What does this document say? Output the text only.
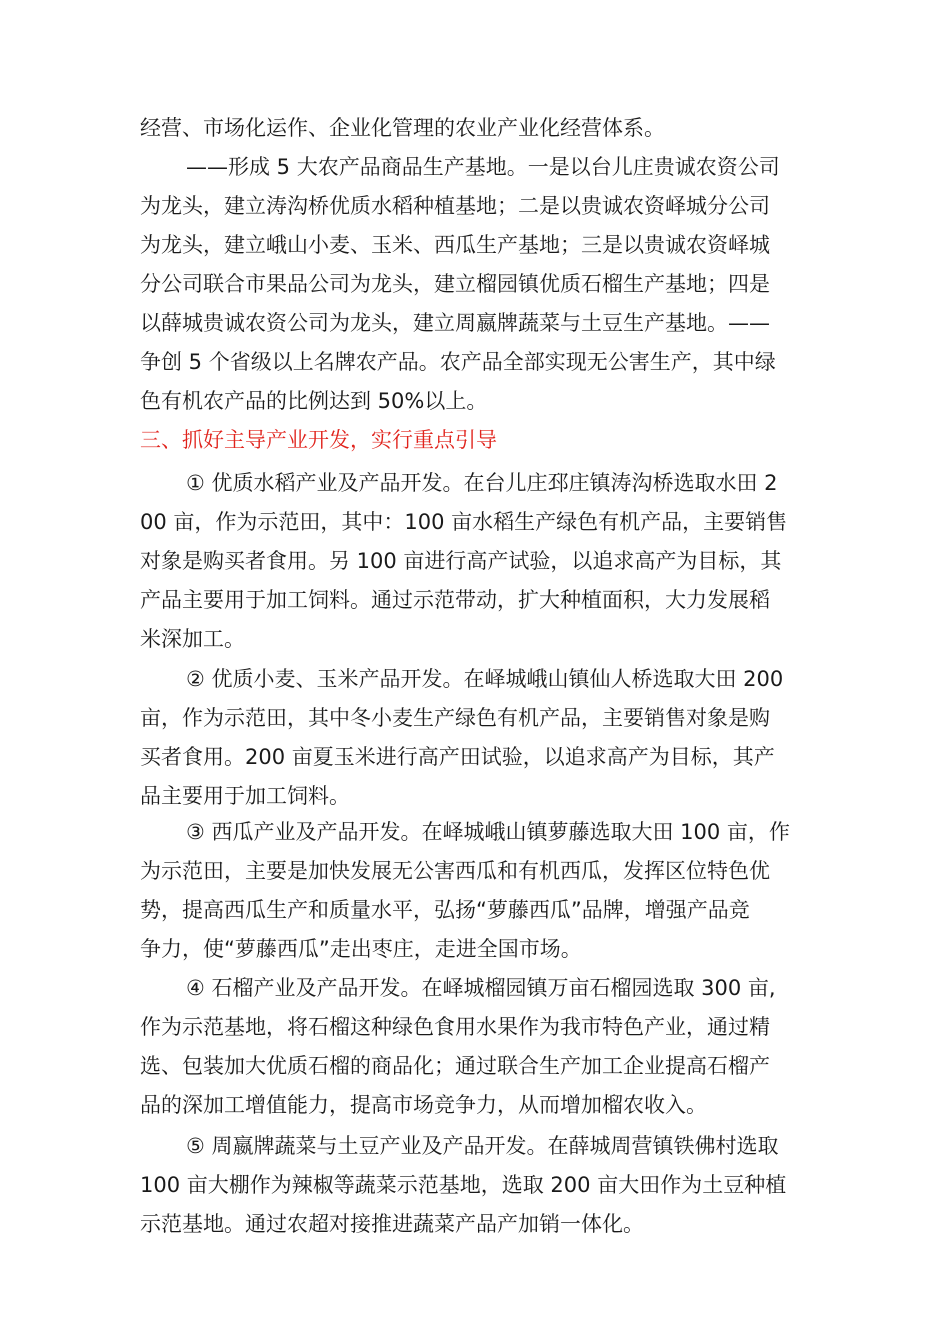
经营、市场化运作、企业化管理的农业产业化经营体系。
——形成 5 大农产品商品生产基地。一是以台儿庄贵诚农资公司
为龙头，建立涛沟桥优质水稻种植基地；二是以贵诚农资峄城分公司
为龙头，建立峨山小麦、玉米、西瓜生产基地；三是以贵诚农资峄城
分公司联合市果品公司为龙头，建立榴园镇优质石榴生产基地；四是
以薛城贵诚农资公司为龙头，建立周嬴牌蔬菜与土豆生产基地。——
争创 5 个省级以上名牌农产品。农产品全部实现无公害生产，其中绿
色有机农产品的比例达到 50%以上。
三、抓好主导产业开发，实行重点引导
① 优质水稻产业及产品开发。在台儿庄邳庄镇涛沟桥选取水田 2
00 亩，作为示范田，其中：100 亩水稻生产绿色有机产品，主要销售
对象是购买者食用。另 100 亩进行高产试验，以追求高产为目标，其
产品主要用于加工饲料。通过示范带动，扩大种植面积，大力发展稻
米深加工。
② 优质小麦、玉米产品开发。在峄城峨山镇仙人桥选取大田 200
亩，作为示范田，其中冬小麦生产绿色有机产品，主要销售对象是购
买者食用。200 亩夏玉米进行高产田试验，以追求高产为目标，其产
品主要用于加工饲料。
③ 西瓜产业及产品开发。在峄城峨山镇萝藤选取大田 100 亩，作
为示范田，主要是加快发展无公害西瓜和有机西瓜，发挥区位特色优
势，提高西瓜生产和质量水平，弘扬“萝藤西瓜”品牌，增强产品竞
争力，使“萝藤西瓜”走出枣庄，走进全国市场。
④ 石榴产业及产品开发。在峄城榴园镇万亩石榴园选取 300 亩,
作为示范基地，将石榴这种绿色食用水果作为我市特色产业，通过精
选、包装加大优质石榴的商品化；通过联合生产加工企业提高石榴产
品的深加工增值能力，提高市场竞争力，从而增加榴农收入。
⑤ 周嬴牌蔬菜与土豆产业及产品开发。在薛城周营镇铁佛村选取
100 亩大棚作为辣椒等蔬菜示范基地，选取 200 亩大田作为土豆种植
示范基地。通过农超对接推进蔬菜产品产加销一体化。
